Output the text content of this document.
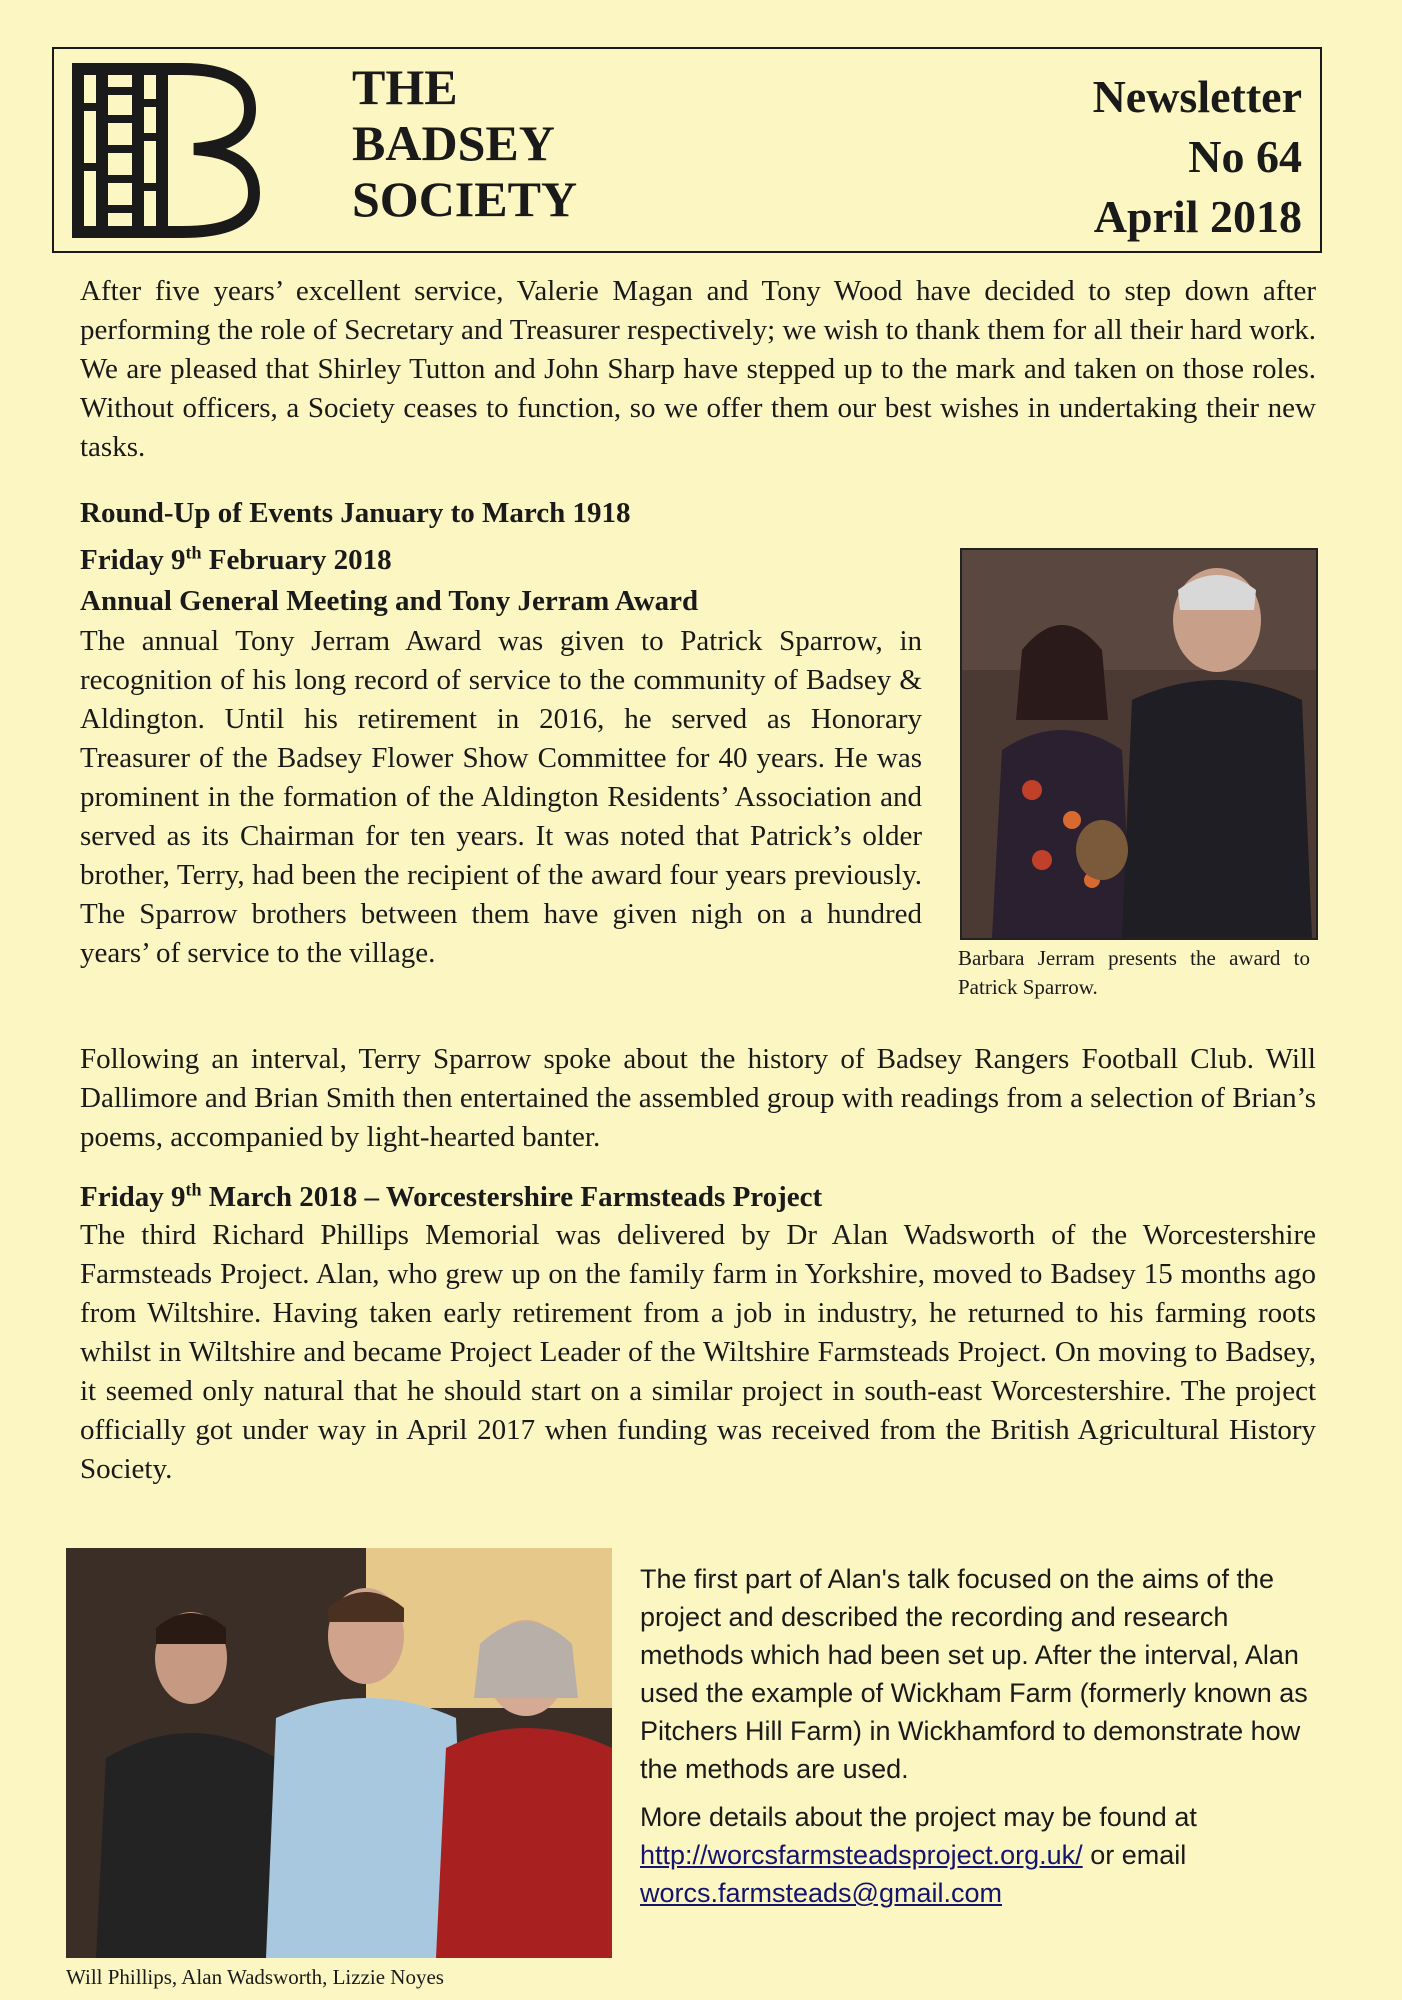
THE
BADSEY
SOCIETY
Newsletter
No 64
April 2018
After five years’ excellent service, Valerie Magan and Tony Wood have decided to step down after performing the role of Secretary and Treasurer respectively; we wish to thank them for all their hard work. We are pleased that Shirley Tutton and John Sharp have stepped up to the mark and taken on those roles. Without officers, a Society ceases to function, so we offer them our best wishes in undertaking their new tasks.
Round-Up of Events January to March 1918
Friday 9th February 2018
Annual General Meeting and Tony Jerram Award
The annual Tony Jerram Award was given to Patrick Sparrow, in recognition of his long record of service to the community of Badsey & Aldington. Until his retirement in 2016, he served as Honorary Treasurer of the Badsey Flower Show Committee for 40 years. He was prominent in the formation of the Aldington Residents’ Association and served as its Chairman for ten years. It was noted that Patrick’s older brother, Terry, had been the recipient of the award four years previously. The Sparrow brothers between them have given nigh on a hundred years’ of service to the village.	Barbara Jerram presents the award to Patrick Sparrow.
Following an interval, Terry Sparrow spoke about the history of Badsey Rangers Football Club. Will Dallimore and Brian Smith then entertained the assembled group with readings from a selection of Brian’s poems, accompanied by light-hearted banter.
Friday 9th March 2018 – Worcestershire Farmsteads Project
The third Richard Phillips Memorial was delivered by Dr Alan Wadsworth of the Worcestershire Farmsteads Project. Alan, who grew up on the family farm in Yorkshire, moved to Badsey 15 months ago from Wiltshire. Having taken early retirement from a job in industry, he returned to his farming roots whilst in Wiltshire and became Project Leader of the Wiltshire Farmsteads Project. On moving to Badsey, it seemed only natural that he should start on a similar project in south-east Worcestershire. The project officially got under way in April 2017 when funding was received from the British Agricultural History Society.
Will Phillips, Alan Wadsworth, Lizzie Noyes

The first part of Alan's talk focused on the aims of the project and described the recording and research methods which had been set up. After the interval, Alan used the example of Wickham Farm (formerly known as Pitchers Hill Farm) in Wickhamford to demonstrate how the methods are used.

More details about the project may be found at http://worcsfarmsteadsproject.org.uk/ or email worcs.farmsteads@gmail.com
